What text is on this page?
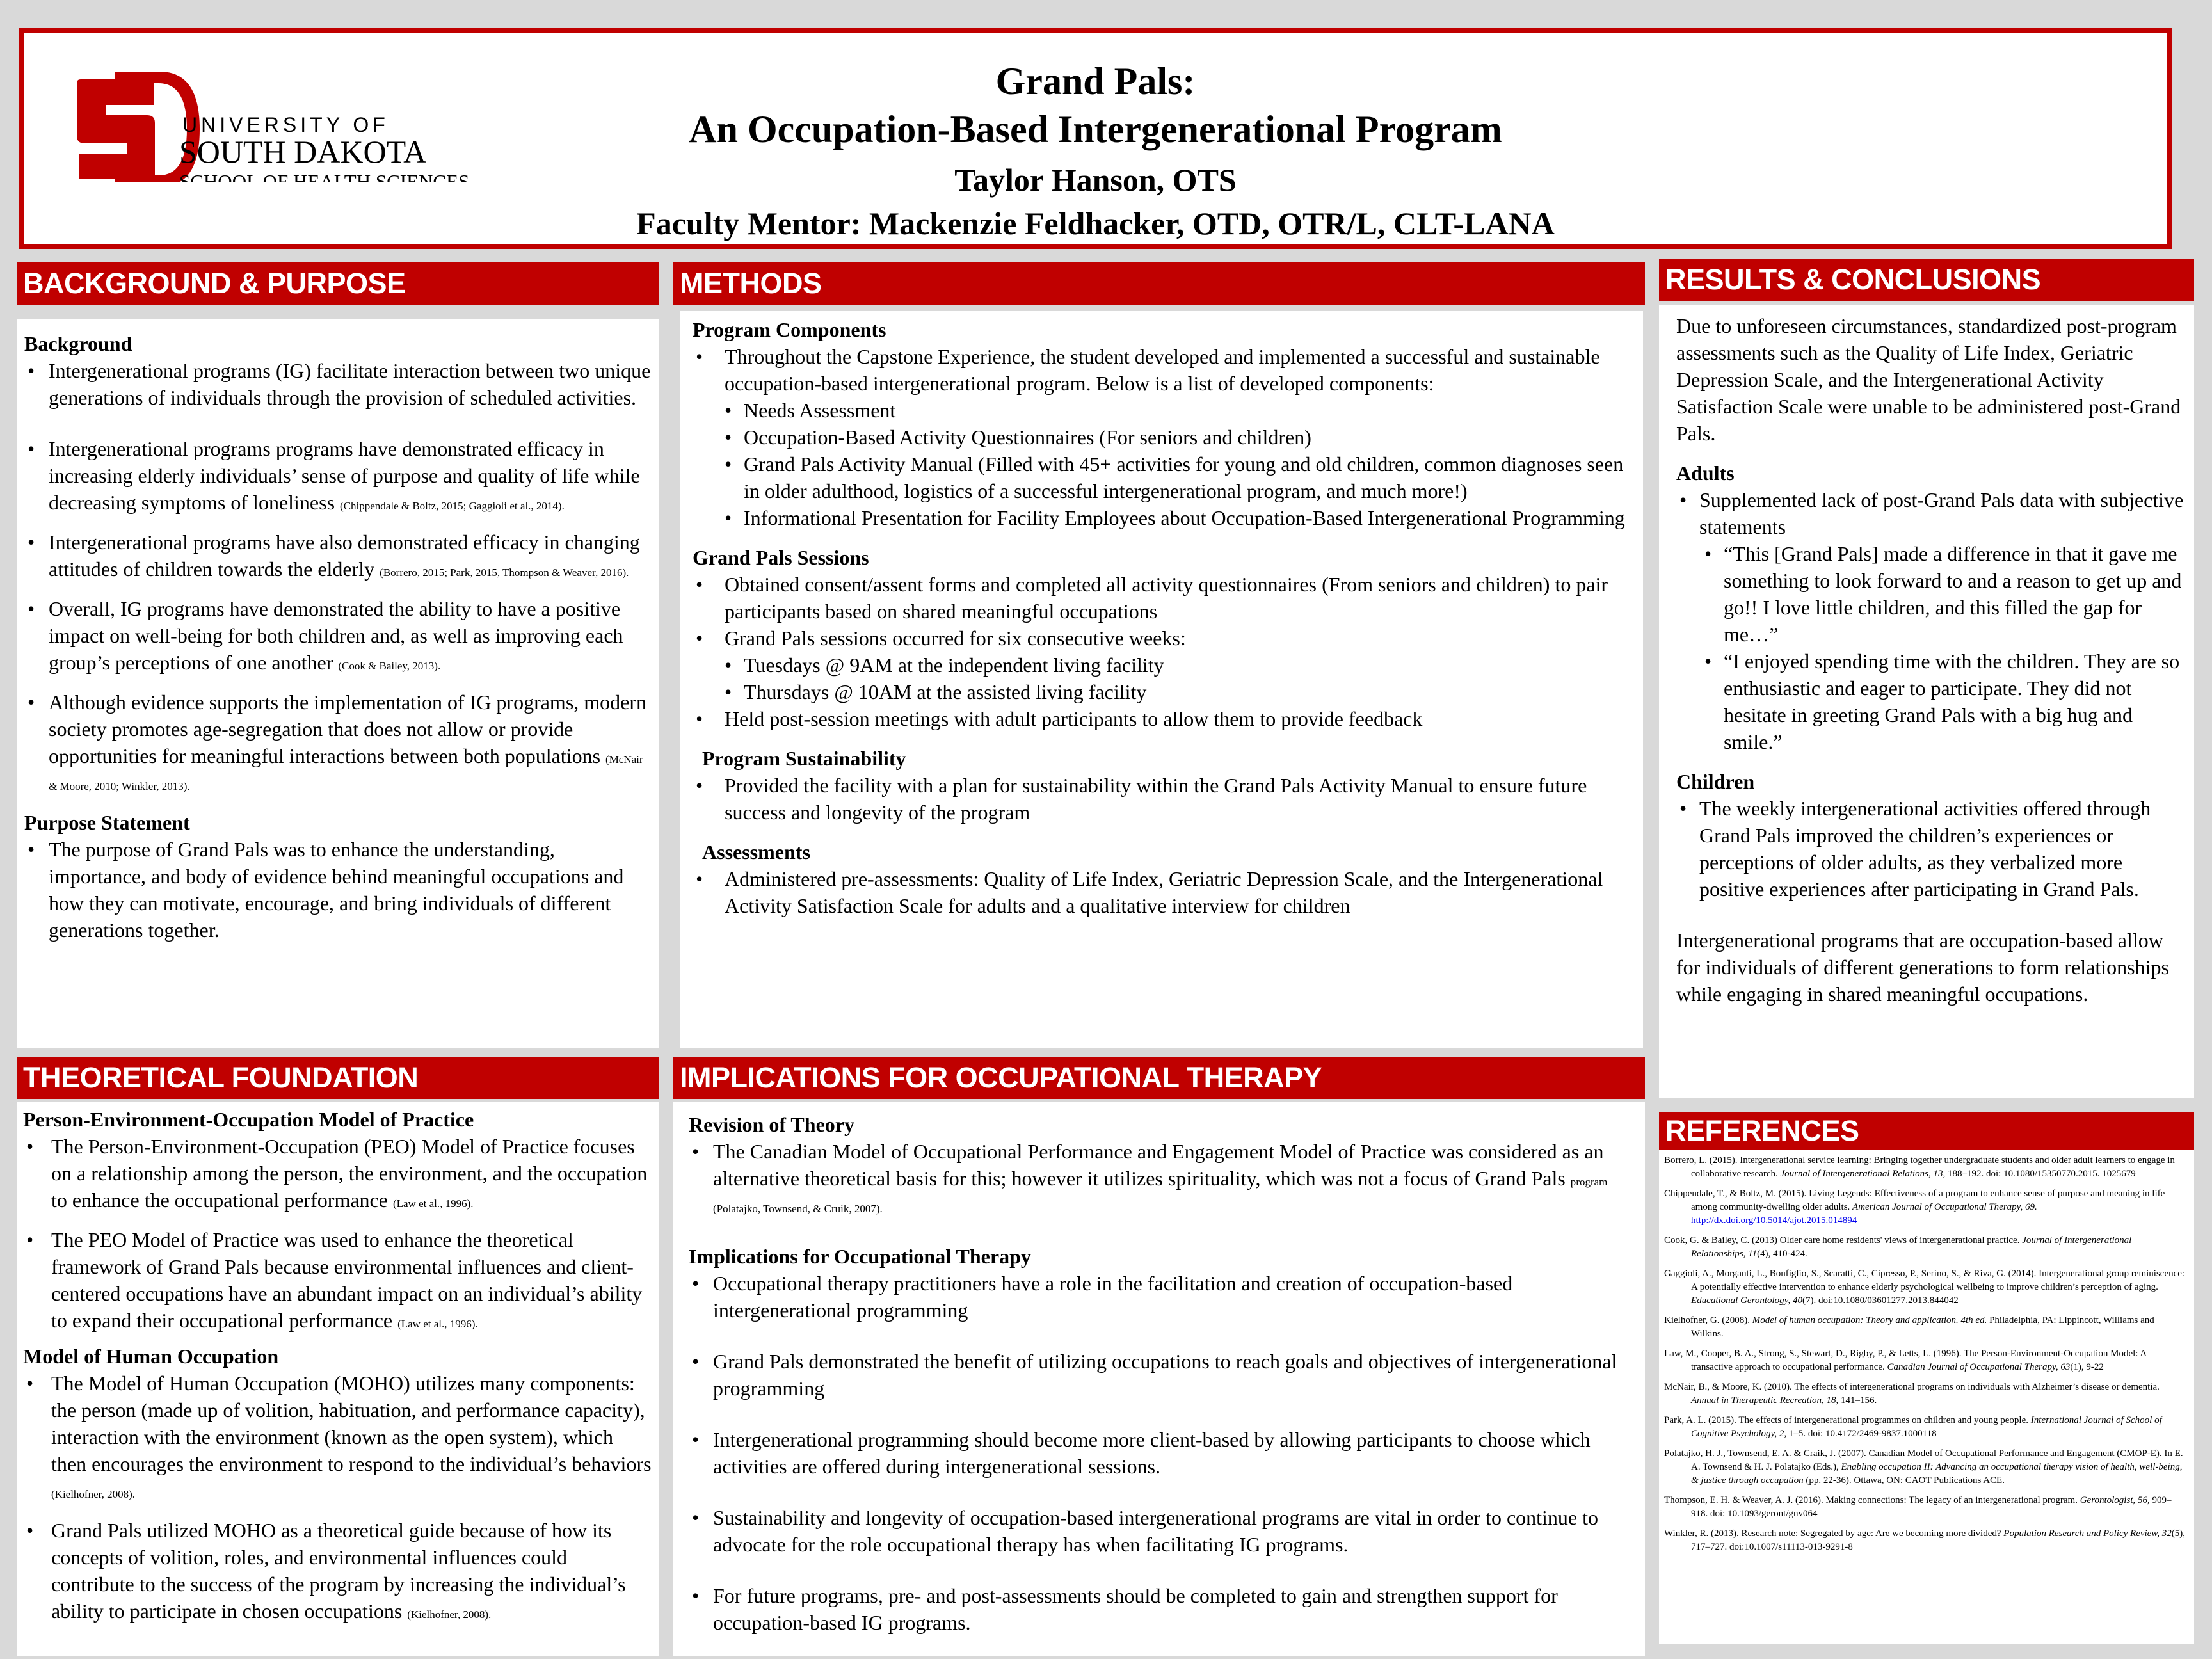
Grand Pals:
An Occupation-Based Intergenerational Program
Taylor Hanson, OTS
Faculty Mentor: Mackenzie Feldhacker, OTD, OTR/L, CLT-LANA
UNIVERSITY OF
SOUTH DAKOTA
SCHOOL OF HEALTH SCIENCES
BACKGROUND & PURPOSE
Background
• Intergenerational programs (IG) facilitate interaction between two unique generations of individuals through the provision of scheduled activities.
• Intergenerational programs programs have demonstrated efficacy in increasing elderly individuals’ sense of purpose and quality of life while decreasing symptoms of loneliness (Chippendale & Boltz, 2015; Gaggioli et al., 2014).
• Intergenerational programs have also demonstrated efficacy in changing attitudes of children towards the elderly (Borrero, 2015; Park, 2015, Thompson & Weaver, 2016).
• Overall, IG programs have demonstrated the ability to have a positive impact on well-being for both children and, as well as improving each group’s perceptions of one another (Cook & Bailey, 2013).
• Although evidence supports the implementation of IG programs, modern society promotes age-segregation that does not allow or provide opportunities for meaningful interactions between both populations (McNair & Moore, 2010; Winkler, 2013).
Purpose Statement
• The purpose of Grand Pals was to enhance the understanding, importance, and body of evidence behind meaningful occupations and how they can motivate, encourage, and bring individuals of different generations together.
METHODS
Program Components
• Throughout the Capstone Experience, the student developed and implemented a successful and sustainable occupation-based intergenerational program. Below is a list of developed components:
• Needs Assessment
• Occupation-Based Activity Questionnaires (For seniors and children)
• Grand Pals Activity Manual (Filled with 45+ activities for young and old children, common diagnoses seen in older adulthood, logistics of a successful intergenerational program, and much more!)
• Informational Presentation for Facility Employees about Occupation-Based Intergenerational Programming
Grand Pals Sessions
• Obtained consent/assent forms and completed all activity questionnaires (From seniors and children) to pair participants based on shared meaningful occupations
• Grand Pals sessions occurred for six consecutive weeks:
• Tuesdays @ 9AM at the independent living facility
• Thursdays @ 10AM at the assisted living facility
• Held post-session meetings with adult participants to allow them to provide feedback
Program Sustainability
• Provided the facility with a plan for sustainability within the Grand Pals Activity Manual to ensure future success and longevity of the program
Assessments
• Administered pre-assessments: Quality of Life Index, Geriatric Depression Scale, and the Intergenerational Activity Satisfaction Scale for adults and a qualitative interview for children
RESULTS & CONCLUSIONS
Due to unforeseen circumstances, standardized post-program assessments such as the Quality of Life Index, Geriatric Depression Scale, and the Intergenerational Activity Satisfaction Scale were unable to be administered post-Grand Pals.
Adults
• Supplemented lack of post-Grand Pals data with subjective statements
• “This [Grand Pals] made a difference in that it gave me something to look forward to and a reason to get up and go!! I love little children, and this filled the gap for me…”
• “I enjoyed spending time with the children. They are so enthusiastic and eager to participate. They did not hesitate in greeting Grand Pals with a big hug and smile.”
Children
• The weekly intergenerational activities offered through Grand Pals improved the children’s experiences or perceptions of older adults, as they verbalized more positive experiences after participating in Grand Pals.
Intergenerational programs that are occupation-based allow for individuals of different generations to form relationships while engaging in shared meaningful occupations.
THEORETICAL FOUNDATION
Person-Environment-Occupation Model of Practice
• The Person-Environment-Occupation (PEO) Model of Practice focuses on a relationship among the person, the environment, and the occupation to enhance the occupational performance (Law et al., 1996).
• The PEO Model of Practice was used to enhance the theoretical framework of Grand Pals because environmental influences and client-centered occupations have an abundant impact on an individual’s ability to expand their occupational performance (Law et al., 1996).
Model of Human Occupation
• The Model of Human Occupation (MOHO) utilizes many components: the person (made up of volition, habituation, and performance capacity), interaction with the environment (known as the open system), which then encourages the environment to respond to the individual’s behaviors (Kielhofner, 2008).
• Grand Pals utilized MOHO as a theoretical guide because of how its concepts of volition, roles, and environmental influences could contribute to the success of the program by increasing the individual’s ability to participate in chosen occupations (Kielhofner, 2008).
IMPLICATIONS FOR OCCUPATIONAL THERAPY
Revision of Theory
• The Canadian Model of Occupational Performance and Engagement Model of Practice was considered as an alternative theoretical basis for this; however it utilizes spirituality, which was not a focus of Grand Pals program (Polatajko, Townsend, & Cruik, 2007).
Implications for Occupational Therapy
• Occupational therapy practitioners have a role in the facilitation and creation of occupation-based intergenerational programming
• Grand Pals demonstrated the benefit of utilizing occupations to reach goals and objectives of intergenerational programming
• Intergenerational programming should become more client-based by allowing participants to choose which activities are offered during intergenerational sessions.
• Sustainability and longevity of occupation-based intergenerational programs are vital in order to continue to advocate for the role occupational therapy has when facilitating IG programs.
• For future programs, pre- and post-assessments should be completed to gain and strengthen support for occupation-based IG programs.
REFERENCES
Borrero, L. (2015). Intergenerational service learning: Bringing together undergraduate students and older adult learners to engage in collaborative research. Journal of Intergenerational Relations, 13, 188–192. doi: 10.1080/15350770.2015. 1025679
Chippendale, T., & Boltz, M. (2015). Living Legends: Effectiveness of a program to enhance sense of purpose and meaning in life among community-dwelling older adults. American Journal of Occupational Therapy, 69. http://dx.doi.org/10.5014/ajot.2015.014894
Cook, G. & Bailey, C. (2013) Older care home residents' views of intergenerational practice. Journal of Intergenerational Relationships, 11(4), 410-424.
Gaggioli, A., Morganti, L., Bonfiglio, S., Scaratti, C., Cipresso, P., Serino, S., & Riva, G. (2014). Intergenerational group reminiscence: A potentially effective intervention to enhance elderly psychological wellbeing to improve children’s perception of aging. Educational Gerontology, 40(7). doi:10.1080/03601277.2013.844042
Kielhofner, G. (2008). Model of human occupation: Theory and application. 4th ed. Philadelphia, PA: Lippincott, Williams and Wilkins.
Law, M., Cooper, B. A., Strong, S., Stewart, D., Rigby, P., & Letts, L. (1996). The Person-Environment-Occupation Model: A transactive approach to occupational performance. Canadian Journal of Occupational Therapy, 63(1), 9-22
McNair, B., & Moore, K. (2010). The effects of intergenerational programs on individuals with Alzheimer’s disease or dementia. Annual in Therapeutic Recreation, 18, 141–156.
Park, A. L. (2015). The effects of intergenerational programmes on children and young people. International Journal of School of Cognitive Psychology, 2, 1–5. doi: 10.4172/2469-9837.1000118
Polatajko, H. J., Townsend, E. A. & Craik, J. (2007). Canadian Model of Occupational Performance and Engagement (CMOP-E). In E. A. Townsend & H. J. Polatajko (Eds.), Enabling occupation II: Advancing an occupational therapy vision of health, well-being, & justice through occupation (pp. 22-36). Ottawa, ON: CAOT Publications ACE.
Thompson, E. H. & Weaver, A. J. (2016). Making connections: The legacy of an intergenerational program. Gerontologist, 56, 909–918. doi: 10.1093/geront/gnv064
Winkler, R. (2013). Research note: Segregated by age: Are we becoming more divided? Population Research and Policy Review, 32(5), 717–727. doi:10.1007/s11113-013-9291-8
